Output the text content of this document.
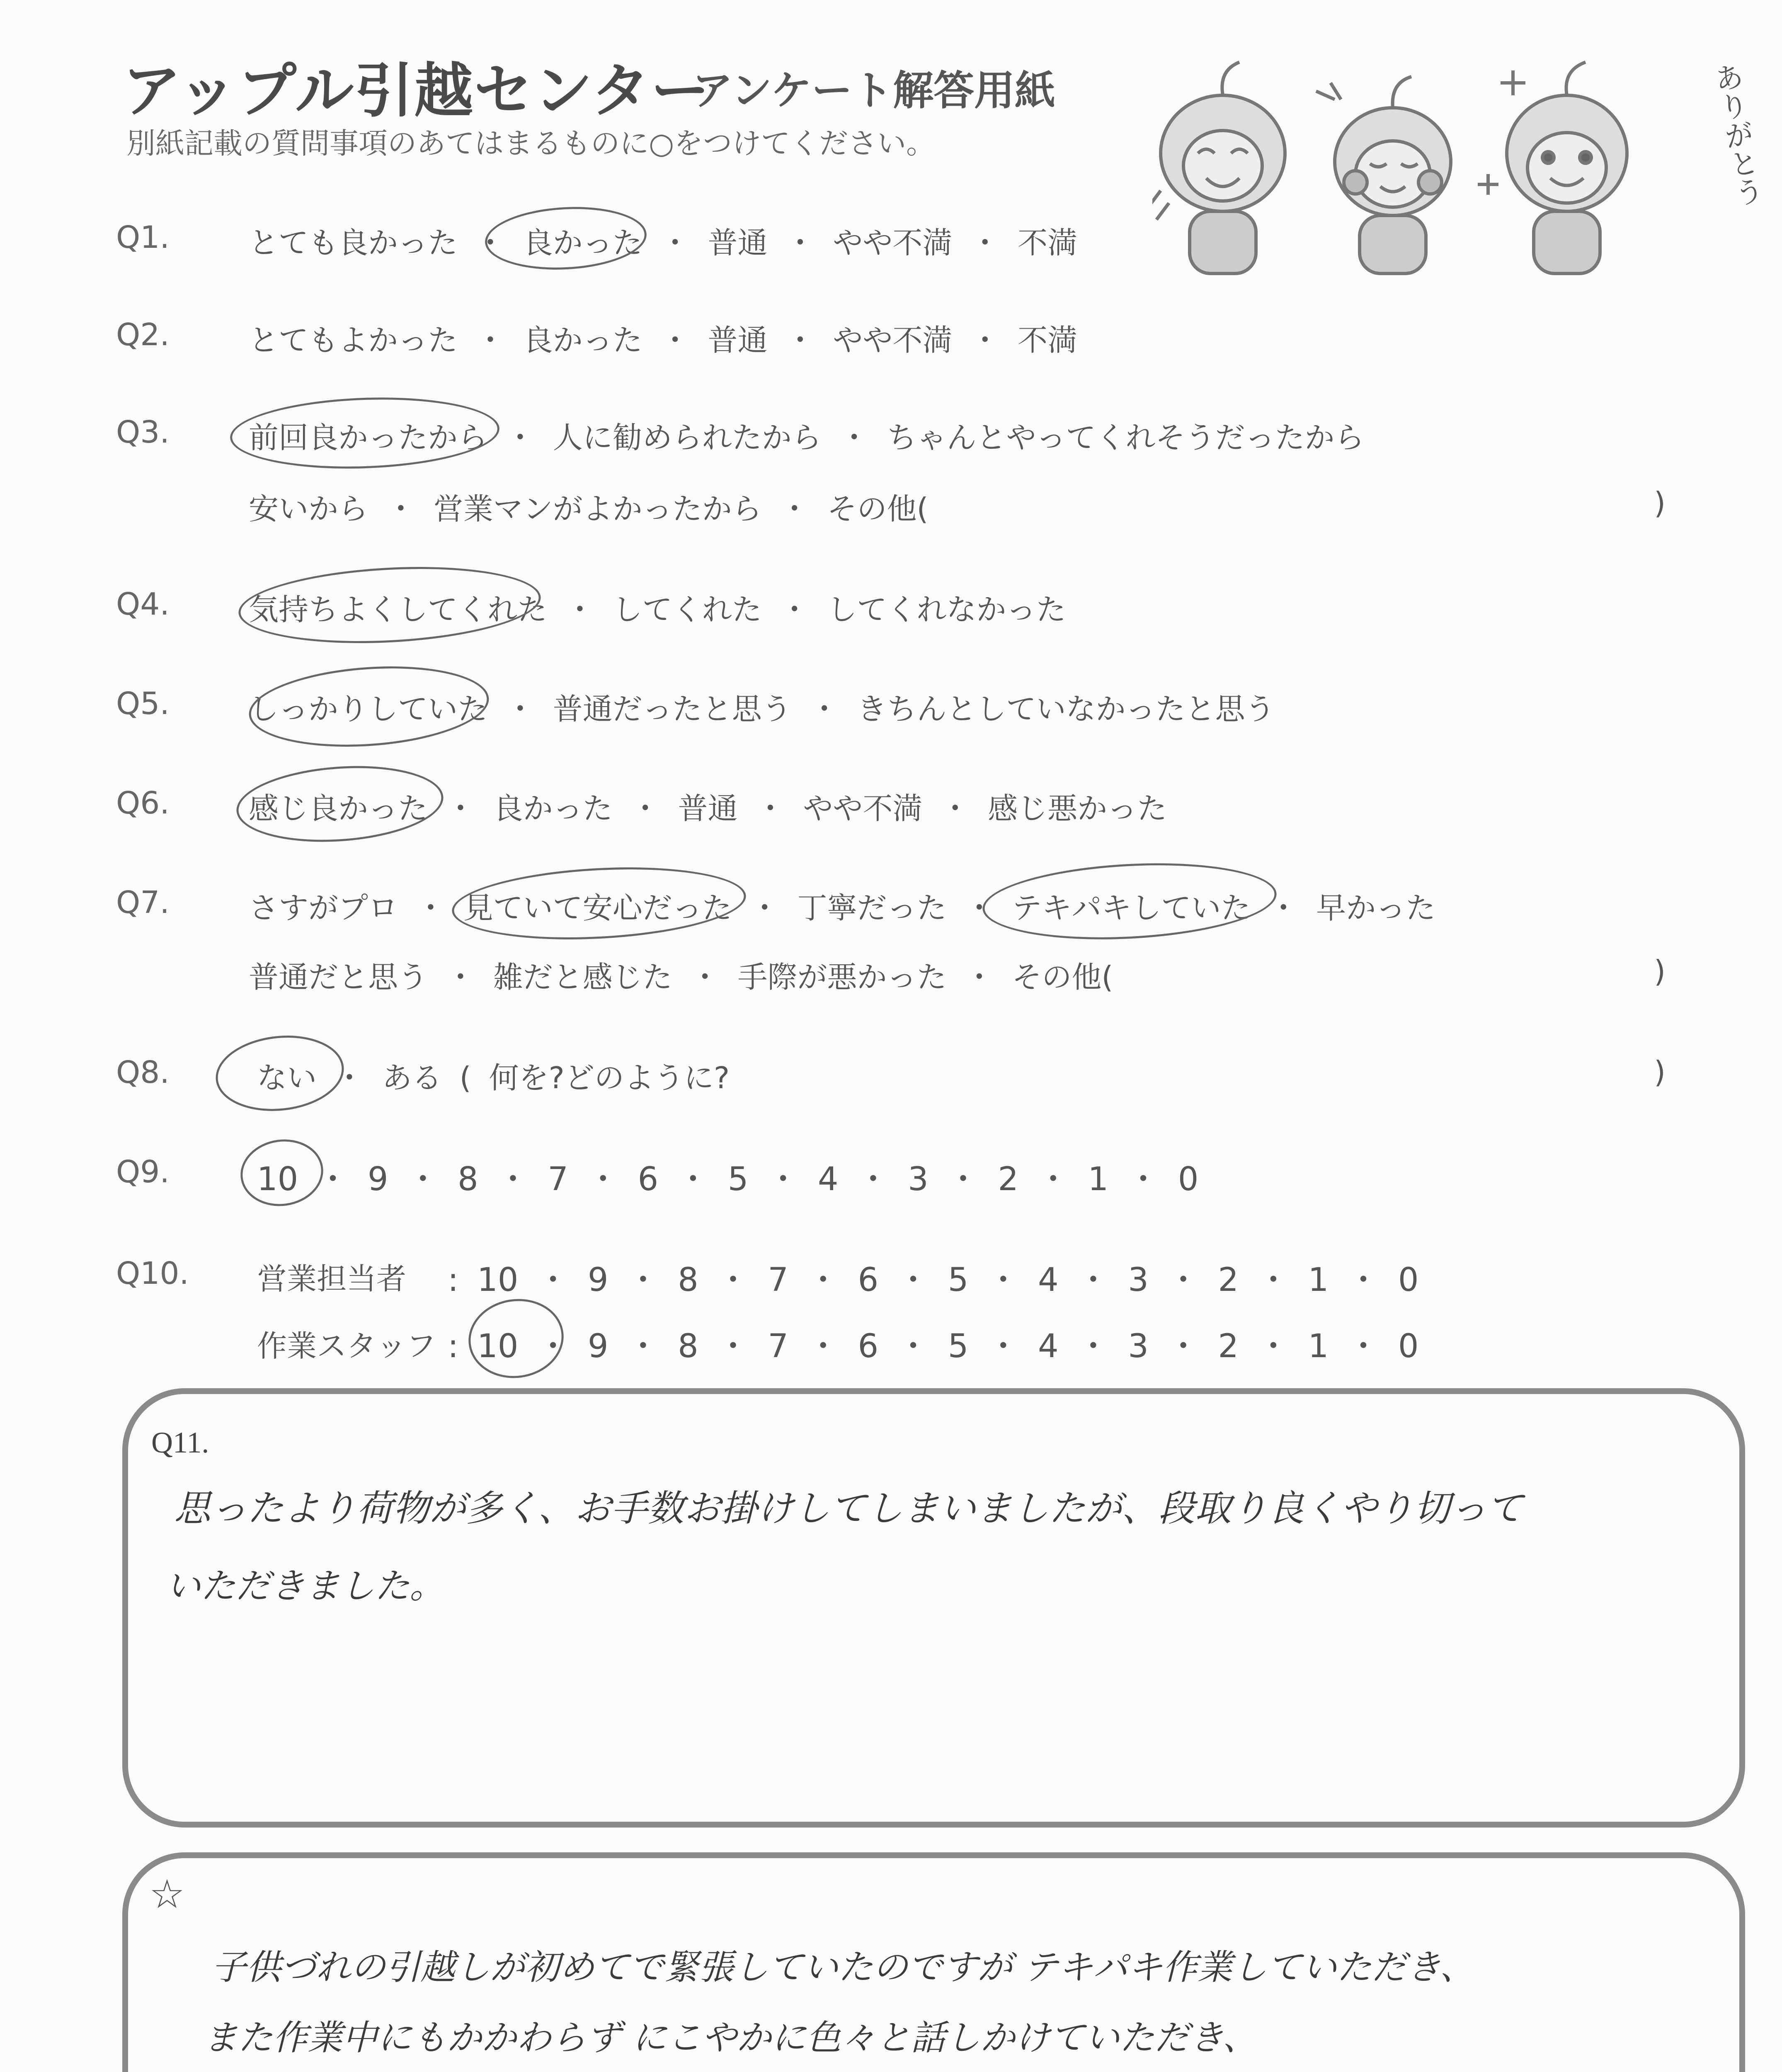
アップル引越センター
アンケート解答用紙
別紙記載の質問事項のあてはまるものに○をつけてください。	ありがとう
Q1.	とても良かった ・ 良かった ・ 普通 ・ やや不満 ・ 不満
Q2.	とてもよかった ・ 良かった ・ 普通 ・ やや不満 ・ 不満
Q3.	前回良かったから ・ 人に勧められたから ・ ちゃんとやってくれそうだったから
安いから ・ 営業マンがよかったから ・ その他(	)
Q4.	気持ちよくしてくれた ・ してくれた ・ してくれなかった
Q5.	しっかりしていた ・ 普通だったと思う ・ きちんとしていなかったと思う
Q6.	感じ良かった ・ 良かった ・ 普通 ・ やや不満 ・ 感じ悪かった
Q7.	さすがプロ ・ 見ていて安心だった ・ 丁寧だった ・ テキパキしていた ・ 早かった
普通だと思う ・ 雑だと感じた ・ 手際が悪かった ・ その他(	)
Q8.	ない ・ ある ( 何を?どのように?	)
Q9.	10 ・ 9 ・ 8 ・ 7 ・ 6 ・ 5 ・ 4 ・ 3 ・ 2 ・ 1 ・ 0
Q10. 営業担当者 : 10 ・ 9 ・ 8 ・ 7 ・ 6 ・ 5 ・ 4 ・ 3 ・ 2 ・ 1 ・ 0
作業スタッフ : 10 ・ 9 ・ 8 ・ 7 ・ 6 ・ 5 ・ 4 ・ 3 ・ 2 ・ 1 ・ 0
Q11.
思ったより荷物が多く、お手数お掛けしてしまいましたが、段取り良くやり切って
いただきました。
☆
子供づれの引越しが初めてで緊張していたのですが テキパキ作業していただき、
また作業中にもかかわらず にこやかに色々と話しかけていただき、
